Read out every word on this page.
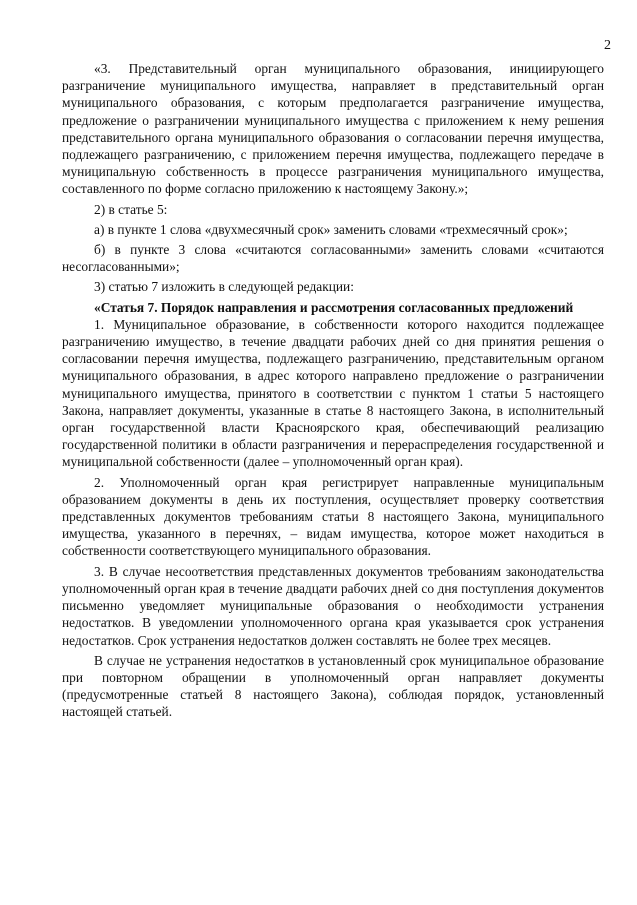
2

«3. Представительный орган муниципального образования, инициирующего разграничение муниципального имущества, направляет в представительный орган муниципального образования, с которым предполагается разграничение имущества, предложение о разграничении муниципального имущества с приложением к нему решения представительного органа муниципального образования о согласовании перечня имущества, подлежащего разграничению, с приложением перечня имущества, подлежащего передаче в муниципальную собственность в процессе разграничения муниципального имущества, составленного по форме согласно приложению к настоящему Закону.»;

2) в статье 5:

а) в пункте 1 слова «двухмесячный срок» заменить словами «трехмесячный срок»;

б) в пункте 3 слова «считаются согласованными» заменить словами «считаются несогласованными»;

3) статью 7 изложить в следующей редакции:

«Статья 7. Порядок направления и рассмотрения согласованных предложений

1. Муниципальное образование, в собственности которого находится подлежащее разграничению имущество, в течение двадцати рабочих дней со дня принятия решения о согласовании перечня имущества, подлежащего разграничению, представительным органом муниципального образования, в адрес которого направлено предложение о разграничении муниципального имущества, принятого в соответствии с пунктом 1 статьи 5 настоящего Закона, направляет документы, указанные в статье 8 настоящего Закона, в исполнительный орган государственной власти Красноярского края, обеспечивающий реализацию государственной политики в области разграничения и перераспределения государственной и муниципальной собственности (далее – уполномоченный орган края).

2. Уполномоченный орган края регистрирует направленные муниципальным образованием документы в день их поступления, осуществляет проверку соответствия представленных документов требованиям статьи 8 настоящего Закона, муниципального имущества, указанного в перечнях, – видам имущества, которое может находиться в собственности соответствующего муниципального образования.

3. В случае несоответствия представленных документов требованиям законодательства уполномоченный орган края в течение двадцати рабочих дней со дня поступления документов письменно уведомляет муниципальные образования о необходимости устранения недостатков. В уведомлении уполномоченного органа края указывается срок устранения недостатков. Срок устранения недостатков должен составлять не более трех месяцев.

В случае не устранения недостатков в установленный срок муниципальное образование при повторном обращении в уполномоченный орган направляет документы (предусмотренные статьей 8 настоящего Закона), соблюдая порядок, установленный настоящей статьей.
